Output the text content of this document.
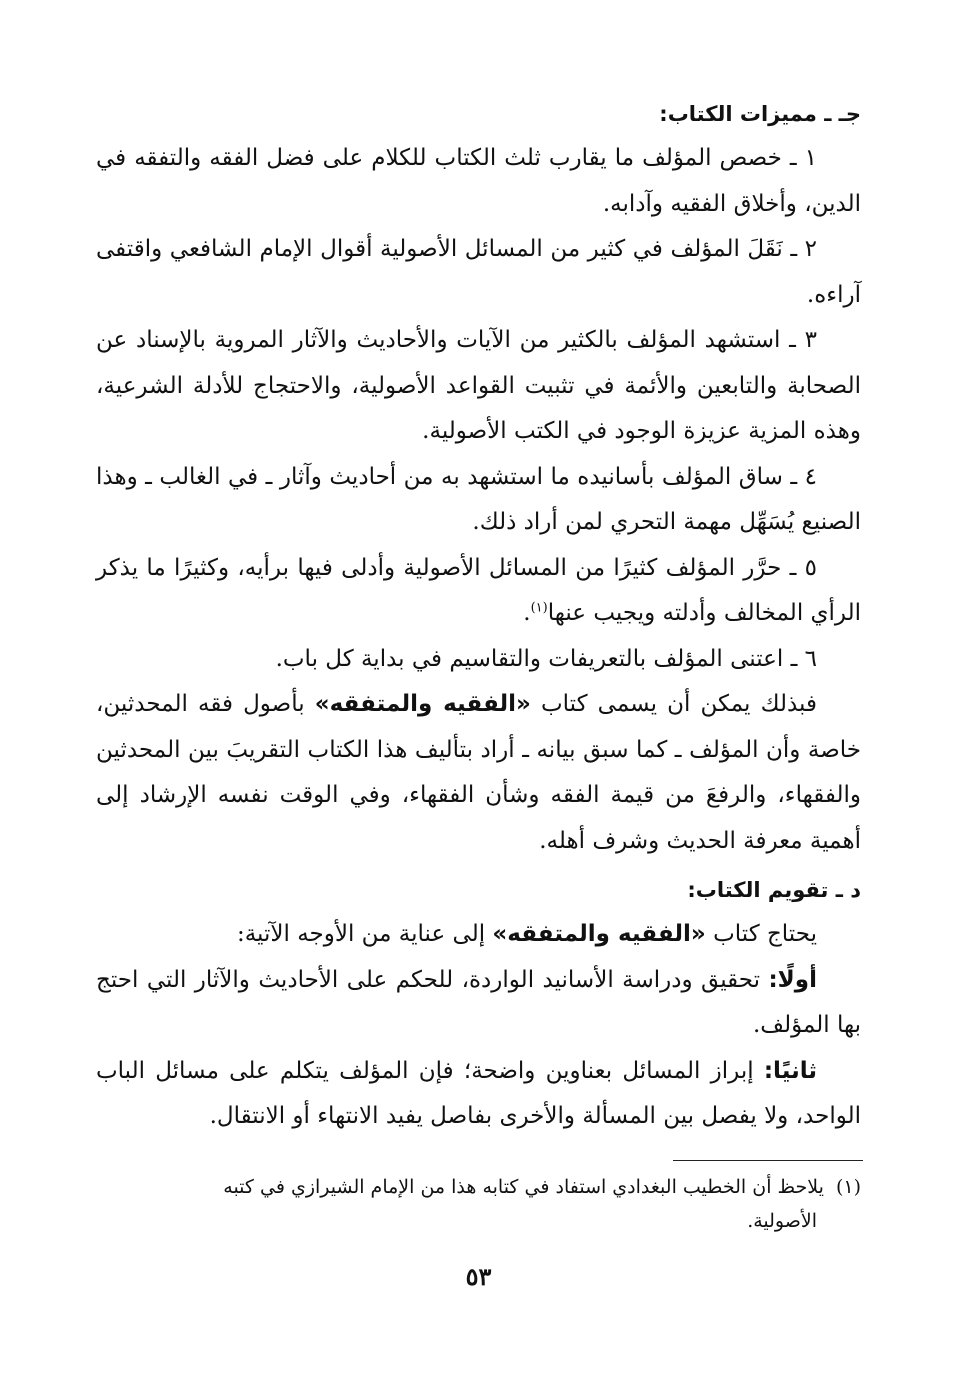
جـ ـ مميزات الكتاب:

١ ـ خصص المؤلف ما يقارب ثلث الكتاب للكلام على فضل الفقه والتفقه في الدين، وأخلاق الفقيه وآدابه.

٢ ـ نَقَلَ المؤلف في كثير من المسائل الأصولية أقوال الإمام الشافعي واقتفى آراءه.

٣ ـ استشهد المؤلف بالكثير من الآيات والأحاديث والآثار المروية بالإسناد عن الصحابة والتابعين والأئمة في تثبيت القواعد الأصولية، والاحتجاج للأدلة الشرعية، وهذه المزية عزيزة الوجود في الكتب الأصولية.

٤ ـ ساق المؤلف بأسانيده ما استشهد به من أحاديث وآثار ـ في الغالب ـ وهذا الصنيع يُسَهِّل مهمة التحري لمن أراد ذلك.

٥ ـ حرَّر المؤلف كثيرًا من المسائل الأصولية وأدلى فيها برأيه، وكثيرًا ما يذكر الرأي المخالف وأدلته ويجيب عنها$^{(١)}$.

٦ ـ اعتنى المؤلف بالتعريفات والتقاسيم في بداية كل باب.

فبذلك يمكن أن يسمى كتاب «الفقيه والمتفقه» بأصول فقه المحدثين، خاصة وأن المؤلف ـ كما سبق بيانه ـ أراد بتأليف هذا الكتاب التقريبَ بين المحدثين والفقهاء، والرفعَ من قيمة الفقه وشأن الفقهاء، وفي الوقت نفسه الإرشاد إلى أهمية معرفة الحديث وشرف أهله.

د ـ تقويم الكتاب:

يحتاج كتاب «الفقيه والمتفقه» إلى عناية من الأوجه الآتية:

أولًا: تحقيق ودراسة الأسانيد الواردة، للحكم على الأحاديث والآثار التي احتج بها المؤلف.

ثانيًا: إبراز المسائل بعناوين واضحة؛ فإن المؤلف يتكلم على مسائل الباب الواحد، ولا يفصل بين المسألة والأخرى بفاصل يفيد الانتهاء أو الانتقال.

(١)يلاحظ أن الخطيب البغدادي استفاد في كتابه هذا من الإمام الشيرازي في كتبه
الأصولية.
٥٣
